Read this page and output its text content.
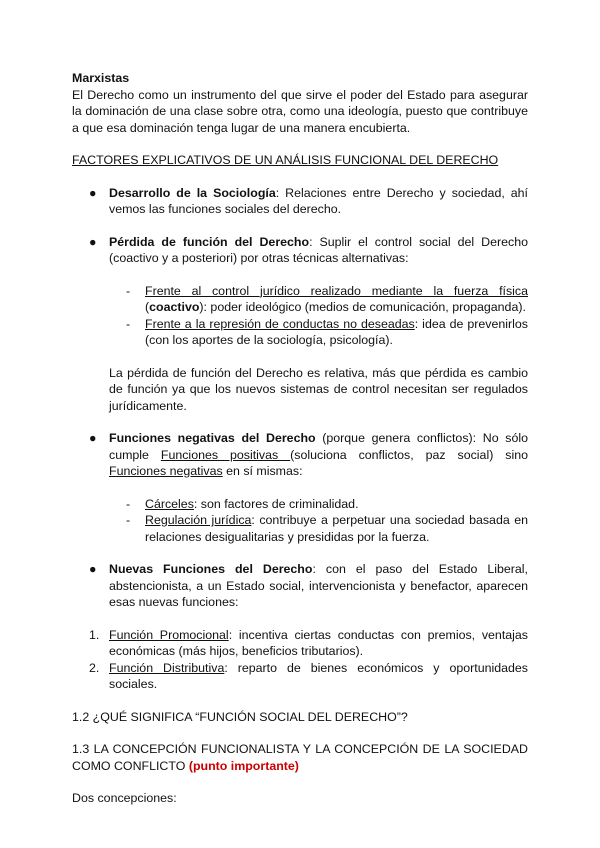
Marxistas

El Derecho como un instrumento del que sirve el poder del Estado para asegurar la dominación de una clase sobre otra, como una ideología, puesto que contribuye a que esa dominación tenga lugar de una manera encubierta.

FACTORES EXPLICATIVOS DE UN ANÁLISIS FUNCIONAL DEL DERECHO

● Desarrollo de la Sociología: Relaciones entre Derecho y sociedad, ahí vemos las funciones sociales del derecho.
● Pérdida de función del Derecho: Suplir el control social del Derecho (coactivo y a posteriori) por otras técnicas alternativas:
- Frente al control jurídico realizado mediante la fuerza física (coactivo): poder ideológico (medios de comunicación, propaganda).
- Frente a la represión de conductas no deseadas: idea de prevenirlos (con los aportes de la sociología, psicología).
La pérdida de función del Derecho es relativa, más que pérdida es cambio de función ya que los nuevos sistemas de control necesitan ser regulados jurídicamente.
● Funciones negativas del Derecho (porque genera conflictos): No sólo cumple Funciones positivas (soluciona conflictos, paz social) sino Funciones negativas en sí mismas:
- Cárceles: son factores de criminalidad.
- Regulación jurídica: contribuye a perpetuar una sociedad basada en relaciones desigualitarias y presididas por la fuerza.
● Nuevas Funciones del Derecho: con el paso del Estado Liberal, abstencionista, a un Estado social, intervencionista y benefactor, aparecen esas nuevas funciones:
1. Función Promocional: incentiva ciertas conductas con premios, ventajas económicas (más hijos, beneficios tributarios).
2. Función Distributiva: reparto de bienes económicos y oportunidades sociales.

1.2 ¿QUÉ SIGNIFICA “FUNCIÓN SOCIAL DEL DERECHO”?

1.3 LA CONCEPCIÓN FUNCIONALISTA Y LA CONCEPCIÓN DE LA SOCIEDAD COMO CONFLICTO (punto importante)

Dos concepciones:
